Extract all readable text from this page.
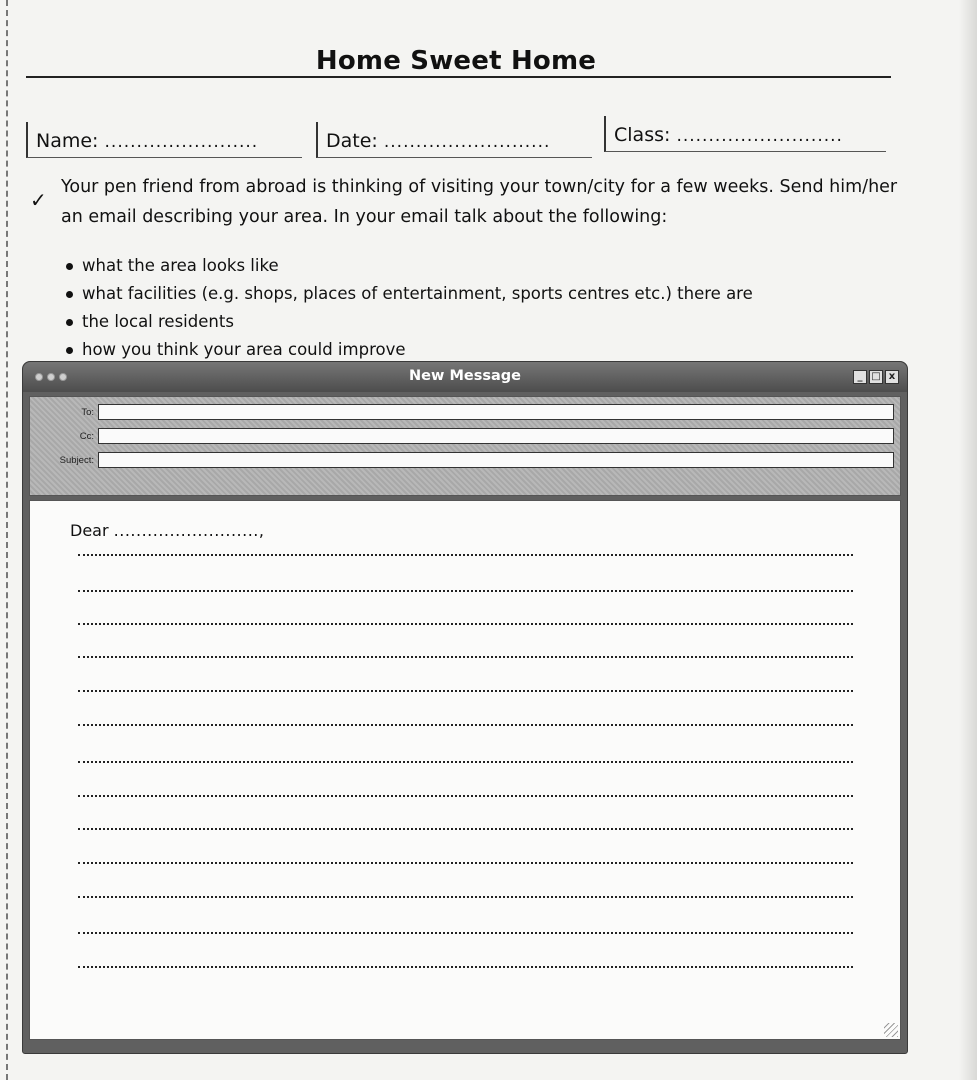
Home Sweet Home
Name: ........................	Date: ..........................	Class: ..........................
✓
Your pen friend from abroad is thinking of visiting your town/city for a few weeks. Send him/her an email describing your area. In your email talk about the following:
what the area looks like
what facilities (e.g. shops, places of entertainment, sports centres etc.) there are
the local residents
how you think your area could improve
New Message	_ □ x
To:
Cc:
Subject:
Dear ..........................,
